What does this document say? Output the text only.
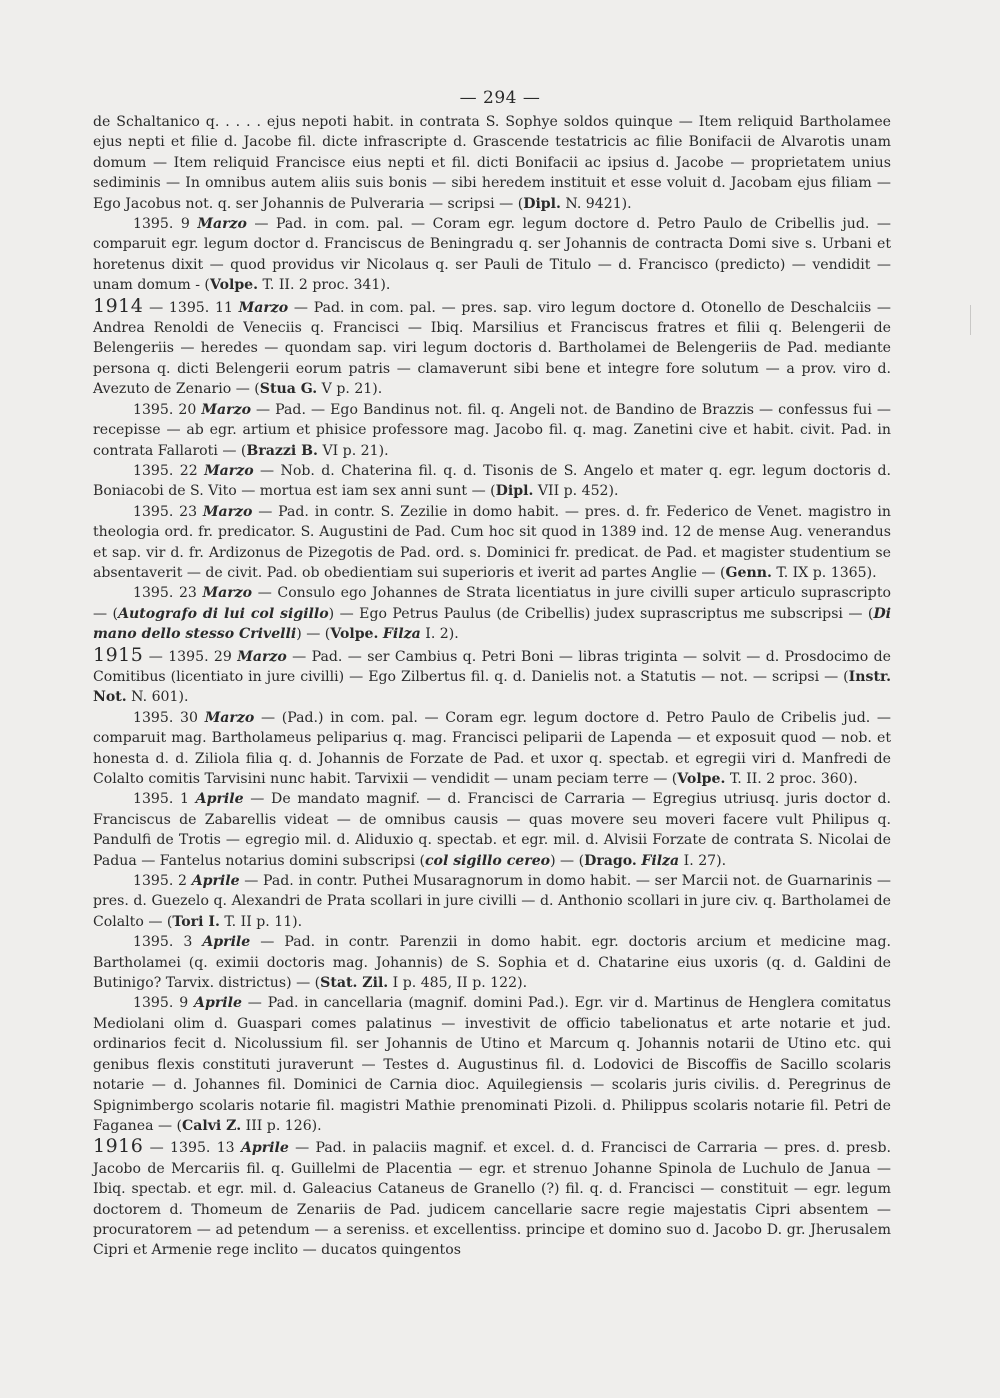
— 294 —

de Schaltanico q. . . . . ejus nepoti habit. in contrata S. Sophye soldos quinque — Item reliquid Bartholamee ejus nepti et filie d. Jacobe fil. dicte infrascripte d. Grascende testatricis ac filie Bonifacii de Alvarotis unam domum — Item reliquid Francisce eius nepti et fil. dicti Bonifacii ac ipsius d. Jacobe — proprietatem unius sediminis — In omnibus autem aliis suis bonis — sibi heredem instituit et esse voluit d. Jacobam ejus filiam — Ego Jacobus not. q. ser Johannis de Pulveraria — scripsi — (Dipl. N. 9421).

1395. 9 Marzo — Pad. in com. pal. — Coram egr. legum doctore d. Petro Paulo de Cribellis jud. — comparuit egr. legum doctor d. Franciscus de Beningradu q. ser Johannis de contracta Domi sive s. Urbani et horetenus dixit — quod providus vir Nicolaus q. ser Pauli de Titulo — d. Francisco (predicto) — vendidit — unam domum - (Volpe. T. II. 2 proc. 341).

1914 — 1395. 11 Marzo — Pad. in com. pal. — pres. sap. viro legum doctore d. Otonello de Deschalciis — Andrea Renoldi de Veneciis q. Francisci — Ibiq. Marsilius et Franciscus fratres et filii q. Belengerii de Belengeriis — heredes — quondam sap. viri legum doctoris d. Bartholamei de Belengeriis de Pad. mediante persona q. dicti Belengerii eorum patris — clamaverunt sibi bene et integre fore solutum — a prov. viro d. Avezuto de Zenario — (Stua G. V p. 21).

1395. 20 Marzo — Pad. — Ego Bandinus not. fil. q. Angeli not. de Bandino de Brazzis — confessus fui — recepisse — ab egr. artium et phisice professore mag. Jacobo fil. q. mag. Zanetini cive et habit. civit. Pad. in contrata Fallaroti — (Brazzi B. VI p. 21).

1395. 22 Marzo — Nob. d. Chaterina fil. q. d. Tisonis de S. Angelo et mater q. egr. legum doctoris d. Boniacobi de S. Vito — mortua est iam sex anni sunt — (Dipl. VII p. 452).

1395. 23 Marzo — Pad. in contr. S. Zezilie in domo habit. — pres. d. fr. Federico de Venet. magistro in theologia ord. fr. predicator. S. Augustini de Pad. Cum hoc sit quod in 1389 ind. 12 de mense Aug. venerandus et sap. vir d. fr. Ardizonus de Pizegotis de Pad. ord. s. Dominici fr. predicat. de Pad. et magister studentium se absentaverit — de civit. Pad. ob obedientiam sui superioris et iverit ad partes Anglie — (Genn. T. IX p. 1365).

1395. 23 Marzo — Consulo ego Johannes de Strata licentiatus in jure civilli super articulo suprascripto — (Autografo di lui col sigillo) — Ego Petrus Paulus (de Cribellis) judex suprascriptus me subscripsi — (Di mano dello stesso Crivelli) — (Volpe. Filza I. 2).

1915 — 1395. 29 Marzo — Pad. — ser Cambius q. Petri Boni — libras triginta — solvit — d. Prosdocimo de Comitibus (licentiato in jure civilli) — Ego Zilbertus fil. q. d. Danielis not. a Statutis — not. — scripsi — (Instr. Not. N. 601).

1395. 30 Marzo — (Pad.) in com. pal. — Coram egr. legum doctore d. Petro Paulo de Cribelis jud. — comparuit mag. Bartholameus peliparius q. mag. Francisci peliparii de Lapenda — et exposuit quod — nob. et honesta d. d. Ziliola filia q. d. Johannis de Forzate de Pad. et uxor q. spectab. et egregii viri d. Manfredi de Colalto comitis Tarvisini nunc habit. Tarvixii — vendidit — unam peciam terre — (Volpe. T. II. 2 proc. 360).

1395. 1 Aprile — De mandato magnif. — d. Francisci de Carraria — Egregius utriusq. juris doctor d. Franciscus de Zabarellis videat — de omnibus causis — quas movere seu moveri facere vult Philipus q. Pandulfi de Trotis — egregio mil. d. Aliduxio q. spectab. et egr. mil. d. Alvisii Forzate de contrata S. Nicolai de Padua — Fantelus notarius domini subscripsi (col sigillo cereo) — (Drago. Filza I. 27).

1395. 2 Aprile — Pad. in contr. Puthei Musaragnorum in domo habit. — ser Marcii not. de Guarnarinis — pres. d. Guezelo q. Alexandri de Prata scollari in jure civilli — d. Anthonio scollari in jure civ. q. Bartholamei de Colalto — (Tori I. T. II p. 11).

1395. 3 Aprile — Pad. in contr. Parenzii in domo habit. egr. doctoris arcium et medicine mag. Bartholamei (q. eximii doctoris mag. Johannis) de S. Sophia et d. Chatarine eius uxoris (q. d. Galdini de Butinigo? Tarvix. districtus) — (Stat. Zil. I p. 485, II p. 122).

1395. 9 Aprile — Pad. in cancellaria (magnif. domini Pad.). Egr. vir d. Martinus de Henglera comitatus Mediolani olim d. Guaspari comes palatinus — investivit de officio tabelionatus et arte notarie et jud. ordinarios fecit d. Nicolussium fil. ser Johannis de Utino et Marcum q. Johannis notarii de Utino etc. qui genibus flexis constituti juraverunt — Testes d. Augustinus fil. d. Lodovici de Biscoffis de Sacillo scolaris notarie — d. Johannes fil. Dominici de Carnia dioc. Aquilegiensis — scolaris juris civilis. d. Peregrinus de Spignimbergo scolaris notarie fil. magistri Mathie prenominati Pizoli. d. Philippus scolaris notarie fil. Petri de Faganea — (Calvi Z. III p. 126).

1916 — 1395. 13 Aprile — Pad. in palaciis magnif. et excel. d. d. Francisci de Carraria — pres. d. presb. Jacobo de Mercariis fil. q. Guillelmi de Placentia — egr. et strenuo Johanne Spinola de Luchulo de Janua — Ibiq. spectab. et egr. mil. d. Galeacius Cataneus de Granello (?) fil. q. d. Francisci — constituit — egr. legum doctorem d. Thomeum de Zenariis de Pad. judicem cancellarie sacre regie majestatis Cipri absentem — procuratorem — ad petendum — a sereniss. et excellentiss. principe et domino suo d. Jacobo D. gr. Jherusalem Cipri et Armenie rege inclito — ducatos quingentos
